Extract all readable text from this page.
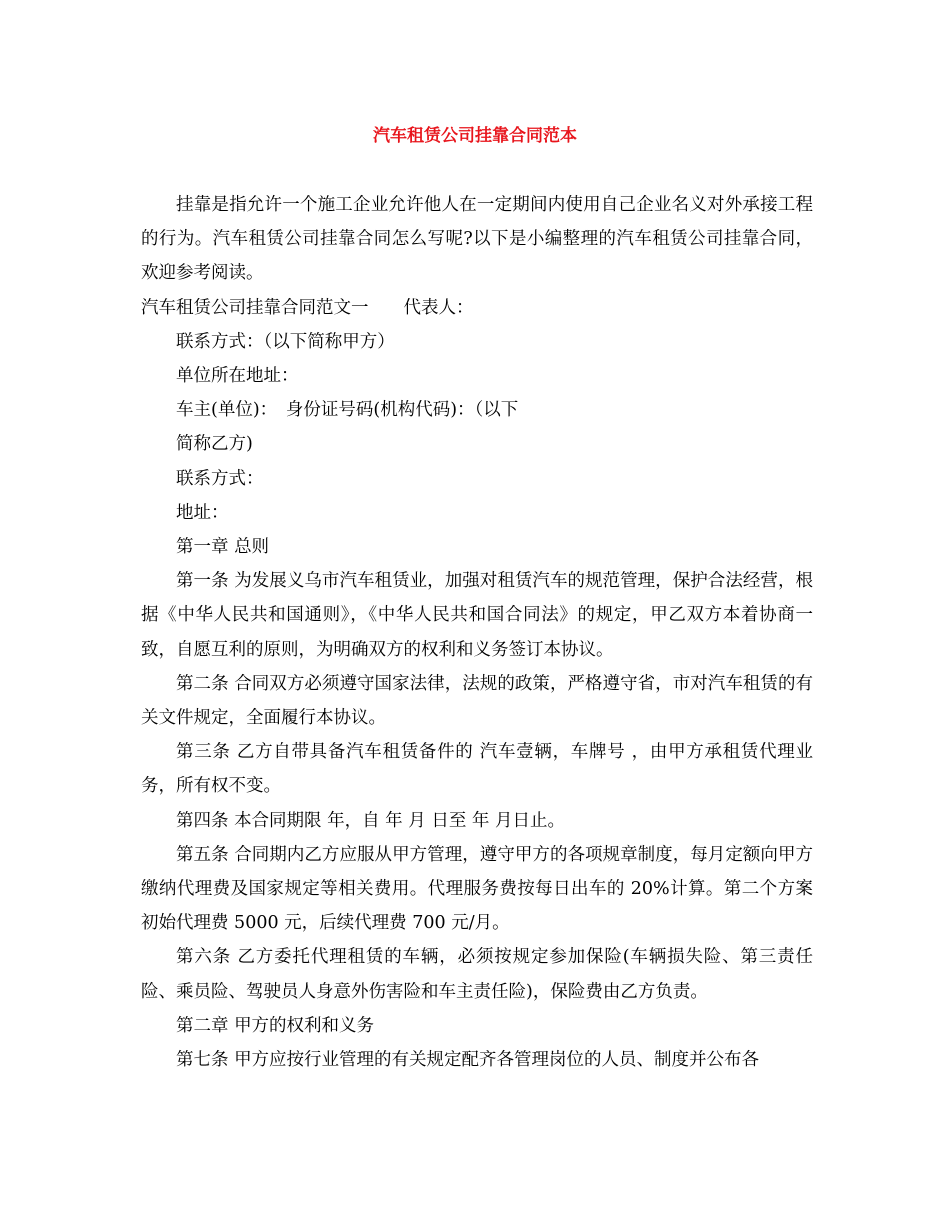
汽车租赁公司挂靠合同范本

挂靠是指允许一个施工企业允许他人在一定期间内使用自己企业名义对外承接工程的行为。汽车租赁公司挂靠合同怎么写呢?以下是小编整理的汽车租赁公司挂靠合同，欢迎参考阅读。

汽车租赁公司挂靠合同范文一　　代表人：

联系方式：（以下简称甲方）

单位所在地址：

车主(单位)：　身份证号码(机构代码)：（以下

简称乙方)

联系方式：

地址：

第一章 总则

第一条 为发展义乌市汽车租赁业，加强对租赁汽车的规范管理，保护合法经营，根据《中华人民共和国通则》，《中华人民共和国合同法》的规定，甲乙双方本着协商一致，自愿互利的原则，为明确双方的权利和义务签订本协议。

第二条 合同双方必须遵守国家法律，法规的政策，严格遵守省，市对汽车租赁的有关文件规定，全面履行本协议。

第三条 乙方自带具备汽车租赁备件的 汽车壹辆，车牌号 ，由甲方承租赁代理业务，所有权不变。

第四条 本合同期限 年，自 年 月 日至 年 月日止。

第五条 合同期内乙方应服从甲方管理，遵守甲方的各项规章制度，每月定额向甲方缴纳代理费及国家规定等相关费用。代理服务费按每日出车的 20%计算。第二个方案初始代理费 5000 元，后续代理费 700 元/月。

第六条 乙方委托代理租赁的车辆，必须按规定参加保险(车辆损失险、第三责任险、乘员险、驾驶员人身意外伤害险和车主责任险)，保险费由乙方负责。

第二章 甲方的权利和义务

第七条 甲方应按行业管理的有关规定配齐各管理岗位的人员、制度并公布各
